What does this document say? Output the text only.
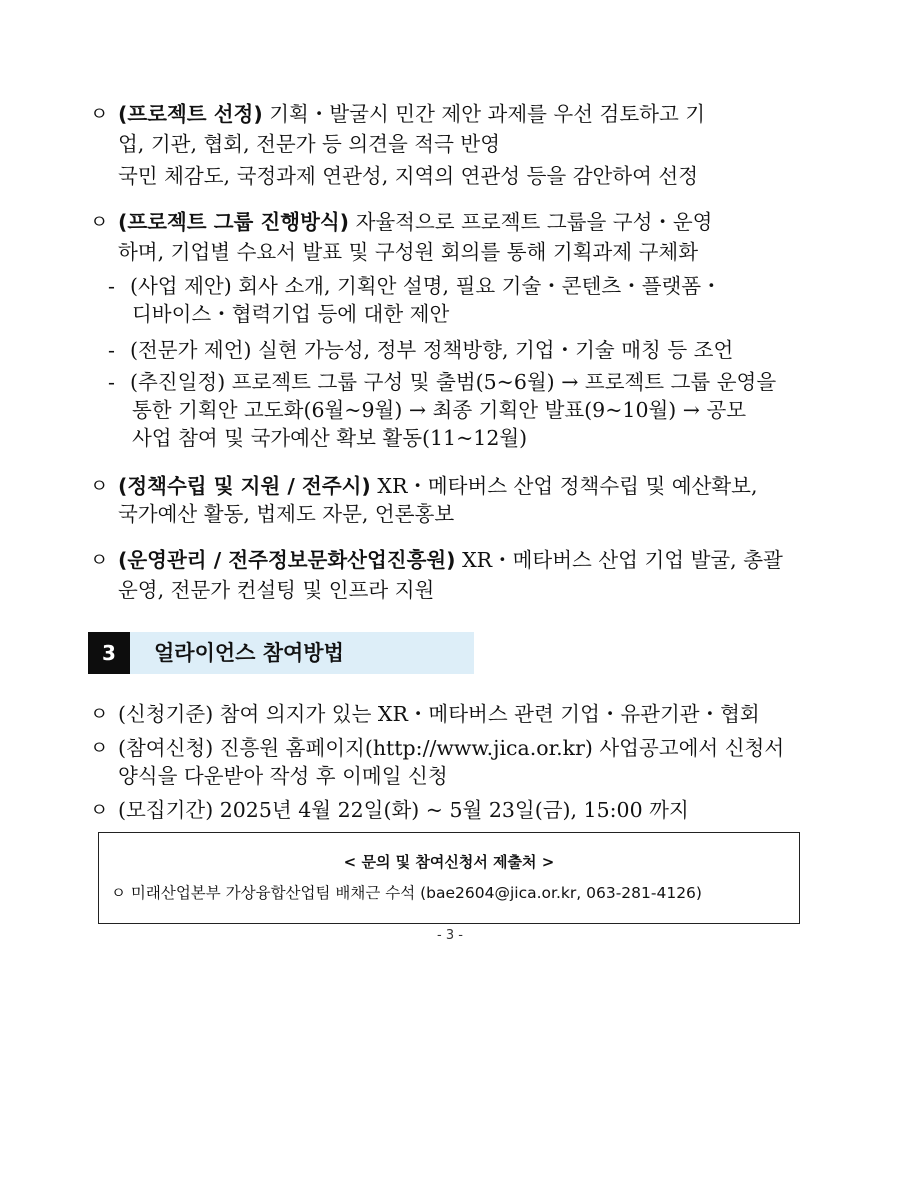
ㅇ (프로젝트 선정) 기획・발굴시 민간 제안 과제를 우선 검토하고 기
업, 기관, 협회, 전문가 등 의견을 적극 반영
국민 체감도, 국정과제 연관성, 지역의 연관성 등을 감안하여 선정
ㅇ (프로젝트 그룹 진행방식) 자율적으로 프로젝트 그룹을 구성・운영
하며, 기업별 수요서 발표 및 구성원 회의를 통해 기획과제 구체화
- (사업 제안) 회사 소개, 기획안 설명, 필요 기술・콘텐츠・플랫폼・
디바이스・협력기업 등에 대한 제안
- (전문가 제언) 실현 가능성, 정부 정책방향, 기업・기술 매칭 등 조언
- (추진일정) 프로젝트 그룹 구성 및 출범(5~6월) → 프로젝트 그룹 운영을
통한 기획안 고도화(6월~9월) → 최종 기획안 발표(9~10월) → 공모
사업 참여 및 국가예산 확보 활동(11~12월)
ㅇ (정책수립 및 지원 / 전주시) XR・메타버스 산업 정책수립 및 예산확보,
국가예산 활동, 법제도 자문, 언론홍보
ㅇ (운영관리 / 전주정보문화산업진흥원) XR・메타버스 산업 기업 발굴, 총괄
운영, 전문가 컨설팅 및 인프라 지원
3	얼라이언스 참여방법
ㅇ (신청기준) 참여 의지가 있는 XR・메타버스 관련 기업・유관기관・협회
ㅇ (참여신청) 진흥원 홈페이지(http://www.jica.or.kr) 사업공고에서 신청서
양식을 다운받아 작성 후 이메일 신청
ㅇ (모집기간) 2025년 4월 22일(화) ~ 5월 23일(금), 15:00 까지
< 문의 및 참여신청서 제출처 >
ㅇ 미래산업본부 가상융합산업팀 배채근 수석 (bae2604@jica.or.kr, 063-281-4126)
- 3 -
